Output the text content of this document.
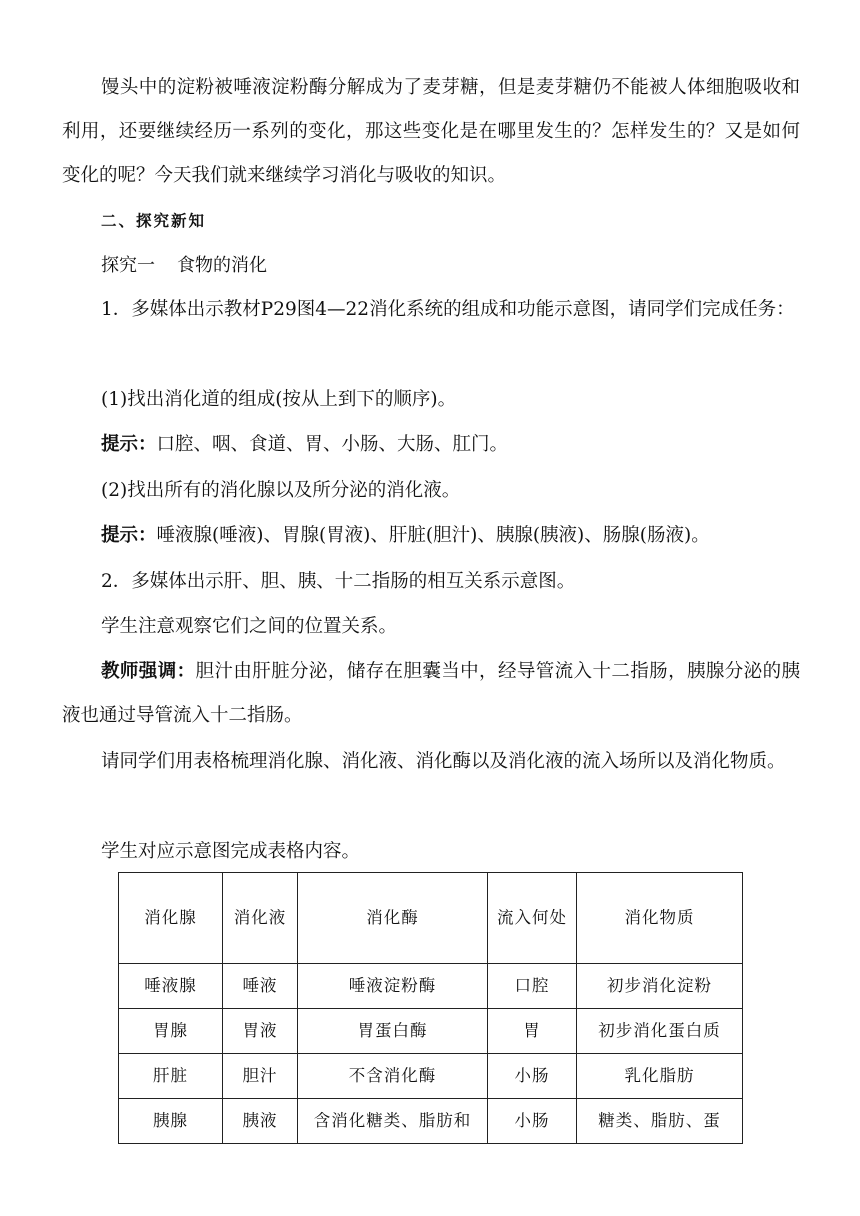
馒头中的淀粉被唾液淀粉酶分解成为了麦芽糖，但是麦芽糖仍不能被人体细胞吸收和利用，还要继续经历一系列的变化，那这些变化是在哪里发生的？怎样发生的？又是如何变化的呢？今天我们就来继续学习消化与吸收的知识。

二、探究新知

探究一 食物的消化

1．多媒体出示教材P29图4—22消化系统的组成和功能示意图，请同学们完成任务：

(1)找出消化道的组成(按从上到下的顺序)。

提示：口腔、咽、食道、胃、小肠、大肠、肛门。

(2)找出所有的消化腺以及所分泌的消化液。

提示：唾液腺(唾液)、胃腺(胃液)、肝脏(胆汁)、胰腺(胰液)、肠腺(肠液)。

2．多媒体出示肝、胆、胰、十二指肠的相互关系示意图。

学生注意观察它们之间的位置关系。

教师强调：胆汁由肝脏分泌，储存在胆囊当中，经导管流入十二指肠，胰腺分泌的胰液也通过导管流入十二指肠。

请同学们用表格梳理消化腺、消化液、消化酶以及消化液的流入场所以及消化物质。

学生对应示意图完成表格内容。

消化腺	消化液	消化酶	流入何处	消化物质
唾液腺	唾液	唾液淀粉酶	口腔	初步消化淀粉
胃腺	胃液	胃蛋白酶	胃	初步消化蛋白质
肝脏	胆汁	不含消化酶	小肠	乳化脂肪
胰腺	胰液	含消化糖类、脂肪和	小肠	糖类、脂肪、蛋
